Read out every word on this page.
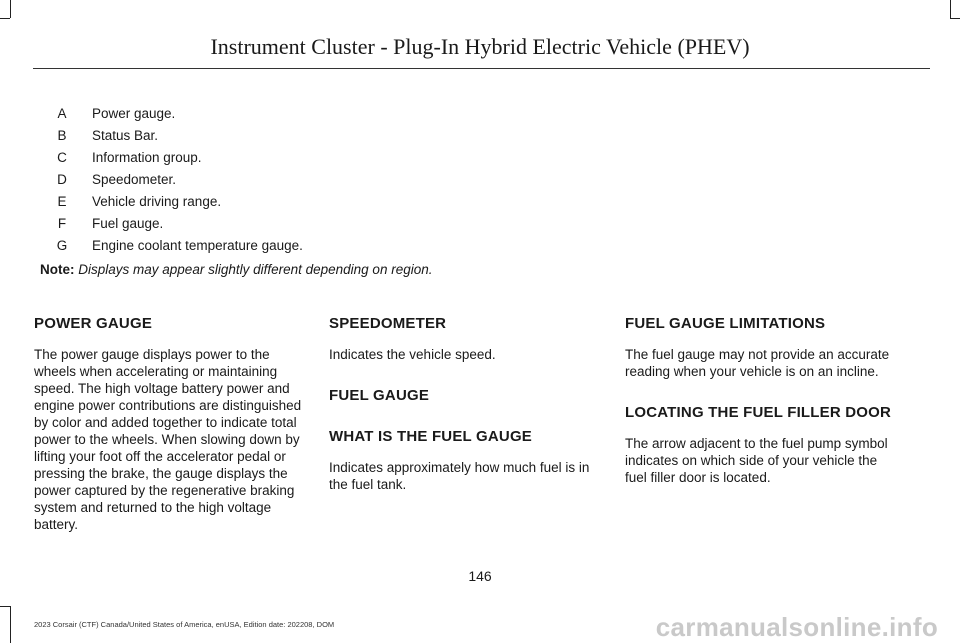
Instrument Cluster - Plug-In Hybrid Electric Vehicle (PHEV)
A Power gauge.
B Status Bar.
C Information group.
D Speedometer.
E Vehicle driving range.
F Fuel gauge.
G Engine coolant temperature gauge.
Note: Displays may appear slightly different depending on region.
POWER GAUGE

The power gauge displays power to the wheels when accelerating or maintaining speed. The high voltage battery power and engine power contributions are distinguished by color and added together to indicate total power to the wheels. When slowing down by lifting your foot off the accelerator pedal or pressing the brake, the gauge displays the power captured by the regenerative braking system and returned to the high voltage battery.

SPEEDOMETER

Indicates the vehicle speed.

FUEL GAUGE
WHAT IS THE FUEL GAUGE

Indicates approximately how much fuel is in the fuel tank.

FUEL GAUGE LIMITATIONS

The fuel gauge may not provide an accurate reading when your vehicle is on an incline.

LOCATING THE FUEL FILLER DOOR

The arrow adjacent to the fuel pump symbol indicates on which side of your vehicle the fuel filler door is located.

146
2023 Corsair (CTF) Canada/United States of America, enUSA, Edition date: 202208, DOM	carmanualsonline.info
